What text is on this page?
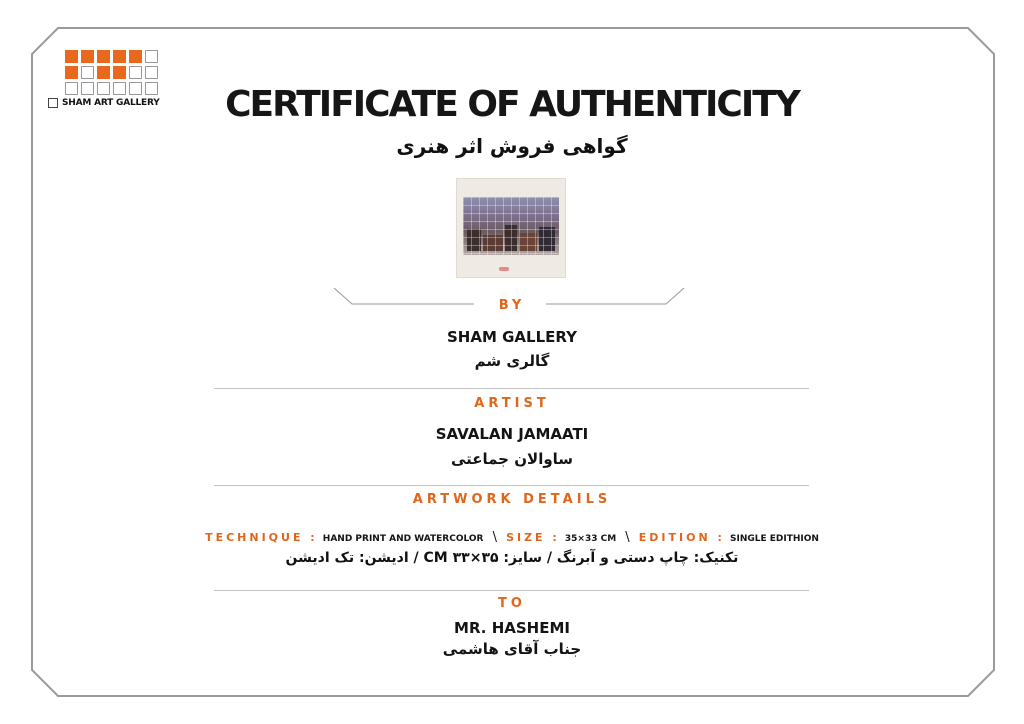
SHAM ART GALLERY	CERTIFICATE OF AUTHENTICITY
گواهی فروش اثر هنری
BY
SHAM GALLERY
گالری شم
ARTIST
SAVALAN JAMAATI
ساوالان جماعتی
ARTWORK DETAILS
TECHNIQUE : HAND PRINT AND WATERCOLOR \ SIZE : 35×33 CM \ EDITION : SINGLE EDITHION
تکنیک: چاپ دستی و آبرنگ / سایز: ۳۵×۳۳ CM / ادیشن: تک ادیشن
TO
MR. HASHEMI
جناب آقای هاشمی
